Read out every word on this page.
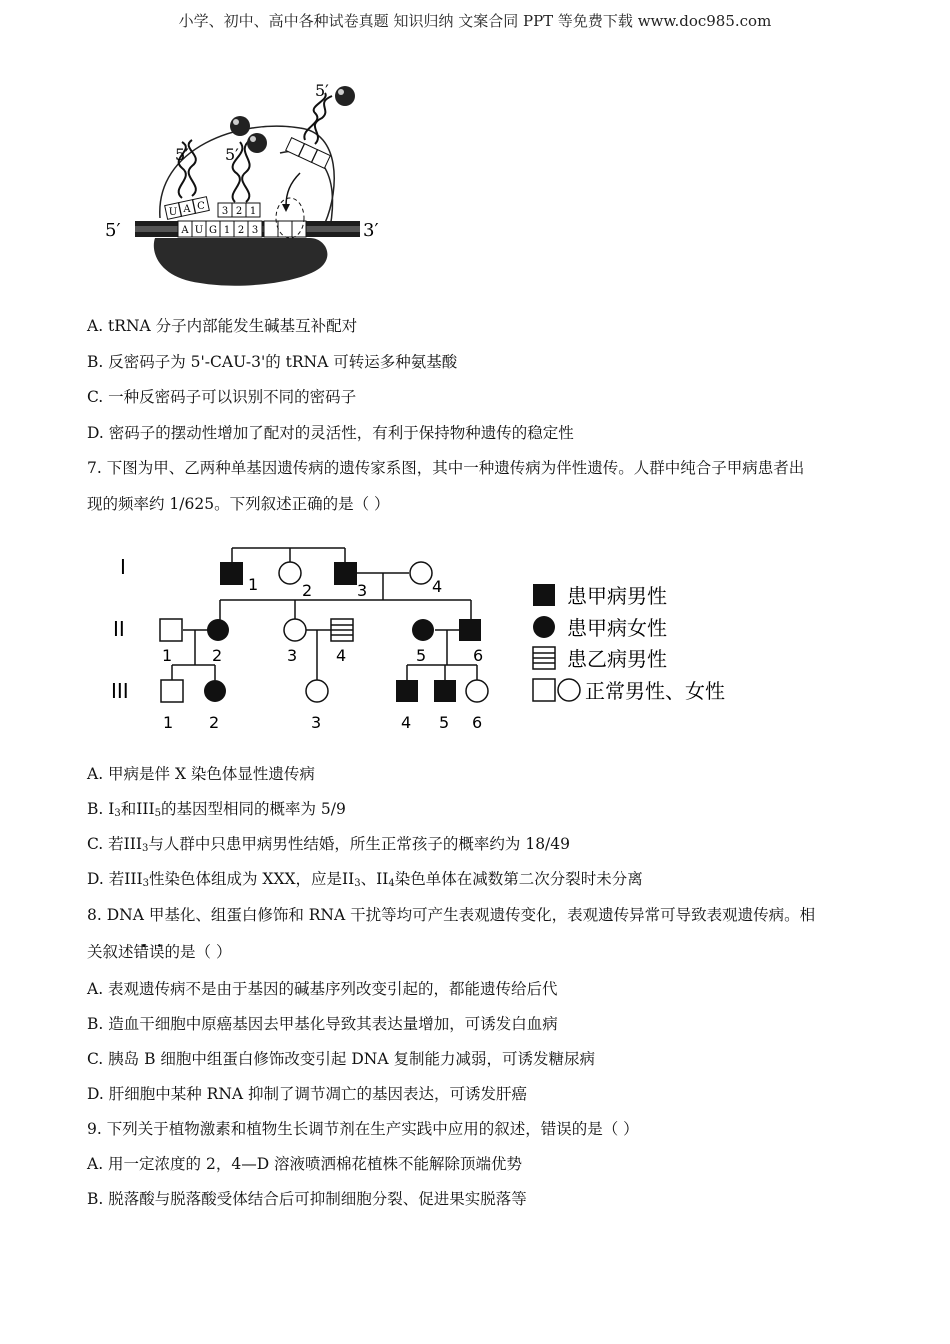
小学、初中、高中各种试卷真题 知识归纳 文案合同 PPT 等免费下载 www.doc985.com
A U G 1 2 3
U A C
5′
3 2 1
5′
5′
5′	3′
A. tRNA 分子内部能发生碱基互补配对
B. 反密码子为 5'-CAU-3'的 tRNA 可转运多种氨基酸
C. 一种反密码子可以识别不同的密码子
D. 密码子的摆动性增加了配对的灵活性，有利于保持物种遗传的稳定性
7. 下图为甲、乙两种单基因遗传病的遗传家系图，其中一种遗传病为伴性遗传。人群中纯合子甲病患者出
现的频率约 1/625。下列叙述正确的是（ ）
I
II
III
1	2	3	4
1 2	3 4	5	6
1 2	3	4 5 6
患甲病男性
患甲病女性
患乙病男性
正常男性、女性
A. 甲病是伴 X 染色体显性遗传病
B. $I_3$和$III_5$的基因型相同的概率为 5/9
C. 若$III_3$与人群中只患甲病男性结婚，所生正常孩子的概率约为 18/49
D. 若$III_3$性染色体组成为 XXX，应是$II_3$、$II_4$染色单体在减数第二次分裂时未分离
8. DNA 甲基化、组蛋白修饰和 RNA 干扰等均可产生表观遗传变化，表观遗传异常可导致表观遗传病。相
关叙述错误的是（ ）
A. 表观遗传病不是由于基因的碱基序列改变引起的，都能遗传给后代
B. 造血干细胞中原癌基因去甲基化导致其表达量增加，可诱发白血病
C. 胰岛 B 细胞中组蛋白修饰改变引起 DNA 复制能力减弱，可诱发糖尿病
D. 肝细胞中某种 RNA 抑制了调节凋亡的基因表达，可诱发肝癌
9. 下列关于植物激素和植物生长调节剂在生产实践中应用的叙述，错误的是（ ）
A. 用一定浓度的 2，4—D 溶液喷洒棉花植株不能解除顶端优势
B. 脱落酸与脱落酸受体结合后可抑制细胞分裂、促进果实脱落等
